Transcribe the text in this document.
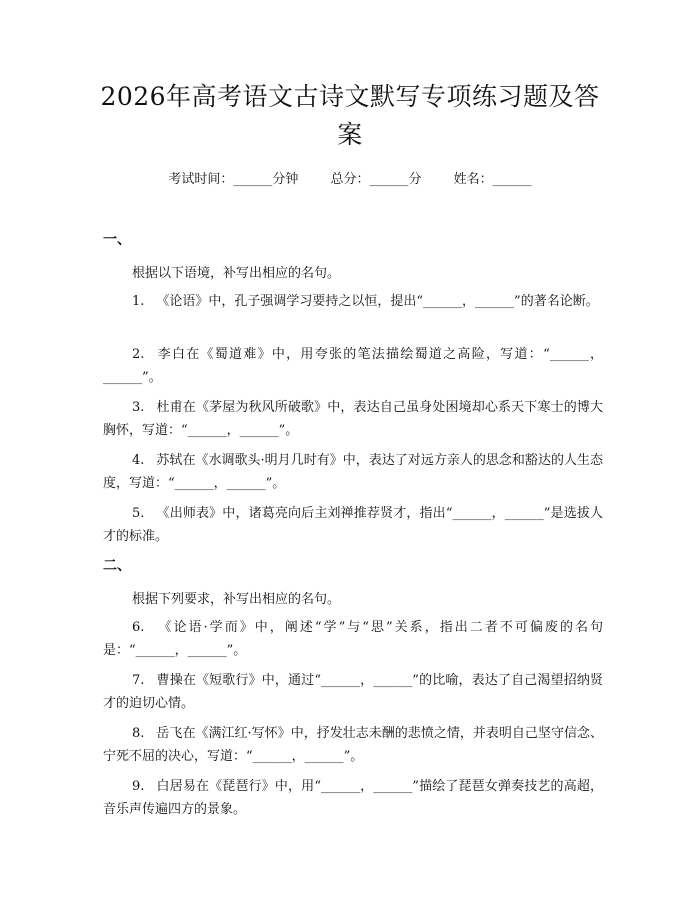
2026年高考语文古诗文默写专项练习题及答案
考试时间：______分钟 总分：______分 姓名：______
一、
根据以下语境，补写出相应的名句。
1. 《论语》中，孔子强调学习要持之以恒，提出“______，______”的著名论断。
2. 李白在《蜀道难》中，用夸张的笔法描绘蜀道之高险，写道：“______，______”。
3. 杜甫在《茅屋为秋风所破歌》中，表达自己虽身处困境却心系天下寒士的博大胸怀，写道：“______，______”。
4. 苏轼在《水调歌头·明月几时有》中，表达了对远方亲人的思念和豁达的人生态度，写道：“______，______”。
5. 《出师表》中，诸葛亮向后主刘禅推荐贤才，指出“______，______”是选拔人才的标准。
二、
根据下列要求，补写出相应的名句。
6. 《论语·学而》中，阐述“学”与“思”关系，指出二者不可偏废的名句是：“______，______”。
7. 曹操在《短歌行》中，通过“______，______”的比喻，表达了自己渴望招纳贤才的迫切心情。
8. 岳飞在《满江红·写怀》中，抒发壮志未酬的悲愤之情，并表明自己坚守信念、宁死不屈的决心，写道：“______，______”。
9. 白居易在《琵琶行》中，用“______，______”描绘了琵琶女弹奏技艺的高超，音乐声传遍四方的景象。
